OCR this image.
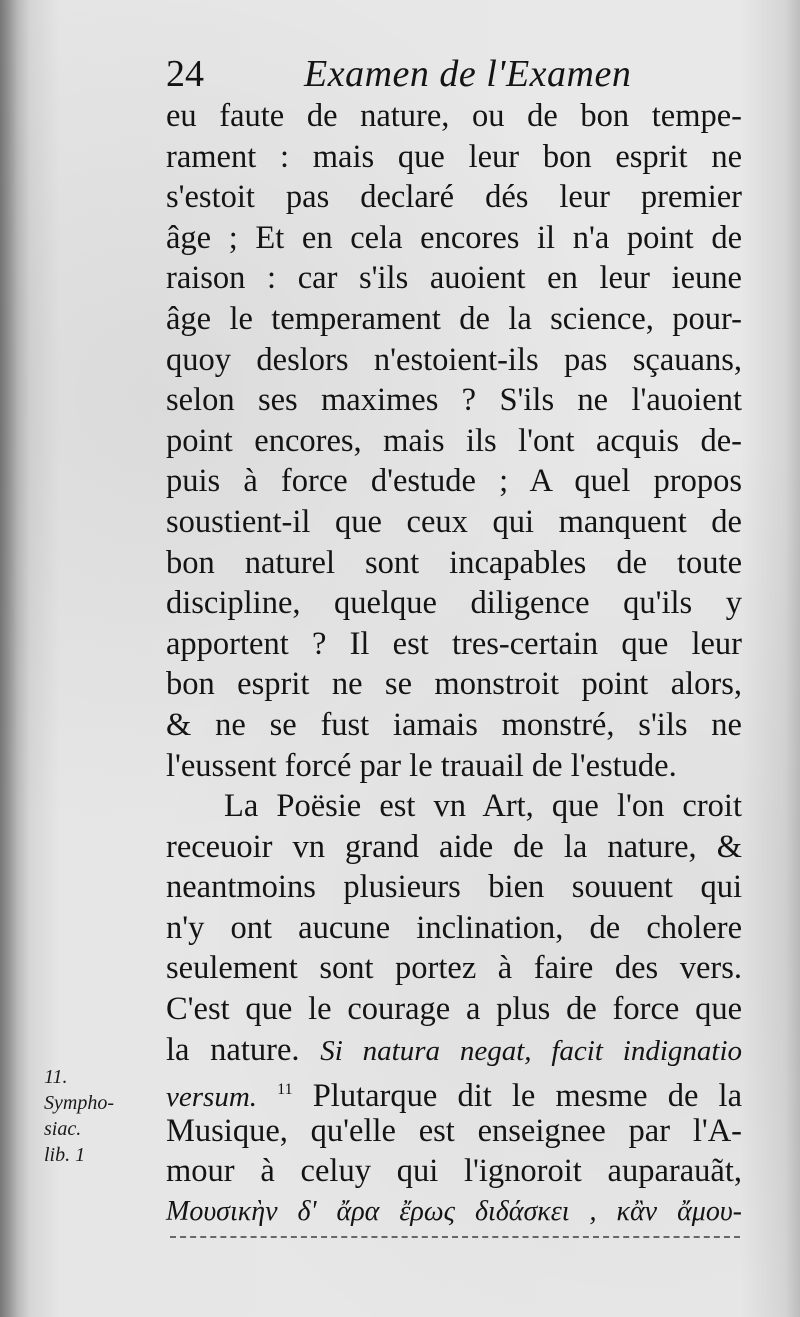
24	Examen de l'Examen
eu faute de nature, ou de bon tempe-
rament : mais que leur bon esprit ne
s'estoit pas declaré dés leur premier
âge ; Et en cela encores il n'a point de
raison : car s'ils auoient en leur ieune
âge le temperament de la science, pour-
quoy deslors n'estoient-ils pas sçauans,
selon ses maximes ? S'ils ne l'auoient
point encores, mais ils l'ont acquis de-
puis à force d'estude ; A quel propos
soustient-il que ceux qui manquent de
bon naturel sont incapables de toute
discipline, quelque diligence qu'ils y
apportent ? Il est tres-certain que leur
bon esprit ne se monstroit point alors,
& ne se fust iamais monstré, s'ils ne
l'eussent forcé par le trauail de l'estude.
La Poësie est vn Art, que l'on croit
receuoir vn grand aide de la nature, &
neantmoins plusieurs bien souuent qui
n'y ont aucune inclination, de cholere
seulement sont portez à faire des vers.
C'est que le courage a plus de force que
la nature. Si natura negat, facit indignatio
versum. $^{11}$ Plutarque dit le mesme de la
Musique, qu'elle est enseignee par l'A-
mour à celuy qui l'ignoroit auparauãt,
Μουσικὴν δ' ἄρα ἔρως διδάσκει , κἂν ἄμου-
11.
Sympho-
siac.
lib. 1
